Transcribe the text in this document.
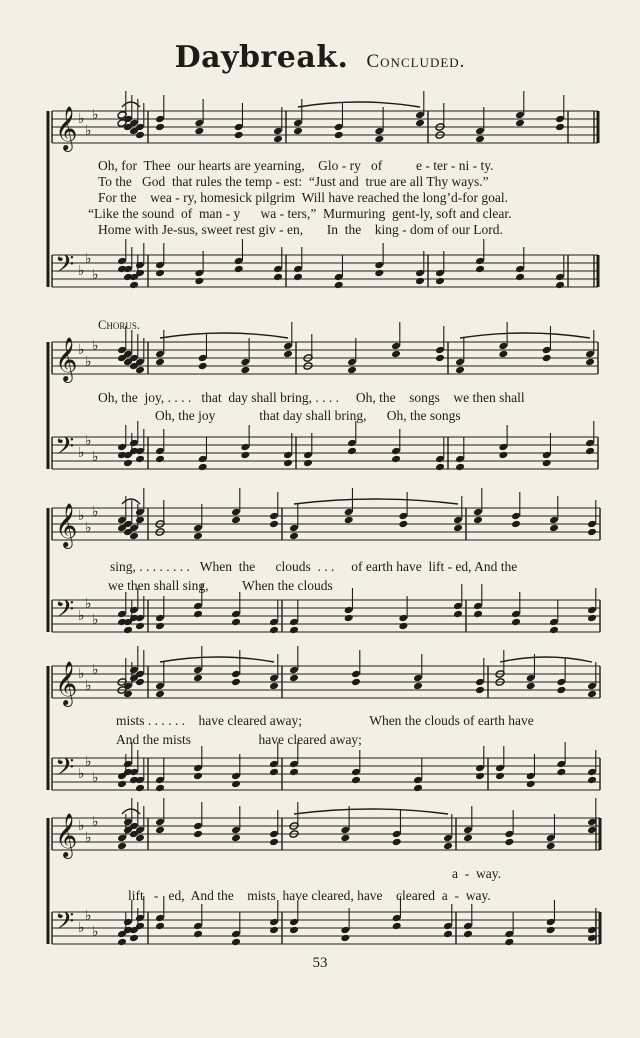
Daybreak. Concluded.
𝄞 ♭
♭
♭
𝄢 ♭
♭
♭
𝄞 ♭
♭
♭
𝄢 ♭
♭
♭
𝄞 ♭
♭
♭
𝄢 ♭
♭
♭
𝄞 ♭
♭
♭
𝄢 ♭
♭
♭
𝄞 ♭
♭
♭
𝄢 ♭
♭
♭
Oh, for  Thee  our hearts are yearning,    Glo - ry   of          e - ter - ni - ty.
To the   God  that rules the temp - est:  “Just and  true are all Thy ways.”
For the    wea - ry, homesick pilgrim  Will have reached the long’d-for goal.
“Like the sound  of  man - y      wa - ters,”  Murmuring  gent-ly, soft and clear.
Home with Je-sus, sweet rest giv - en,       In  the    king - dom of our Lord.
Chorus.
Oh, the  joy, . . . .   that  day shall bring, . . . .     Oh, the    songs    we then shall
Oh, the joy             that day shall bring,      Oh, the songs
sing, . . . . . . . .   When  the      clouds  . . .     of earth have  lift - ed, And the
we then shall sing,          When the clouds
mists . . . . . .    have cleared away;                    When the clouds of earth have
And the mists                    have cleared away;
a  -  way.
lift   -   ed,  And the    mists  have cleared, have    cleared  a  -  way.
53
